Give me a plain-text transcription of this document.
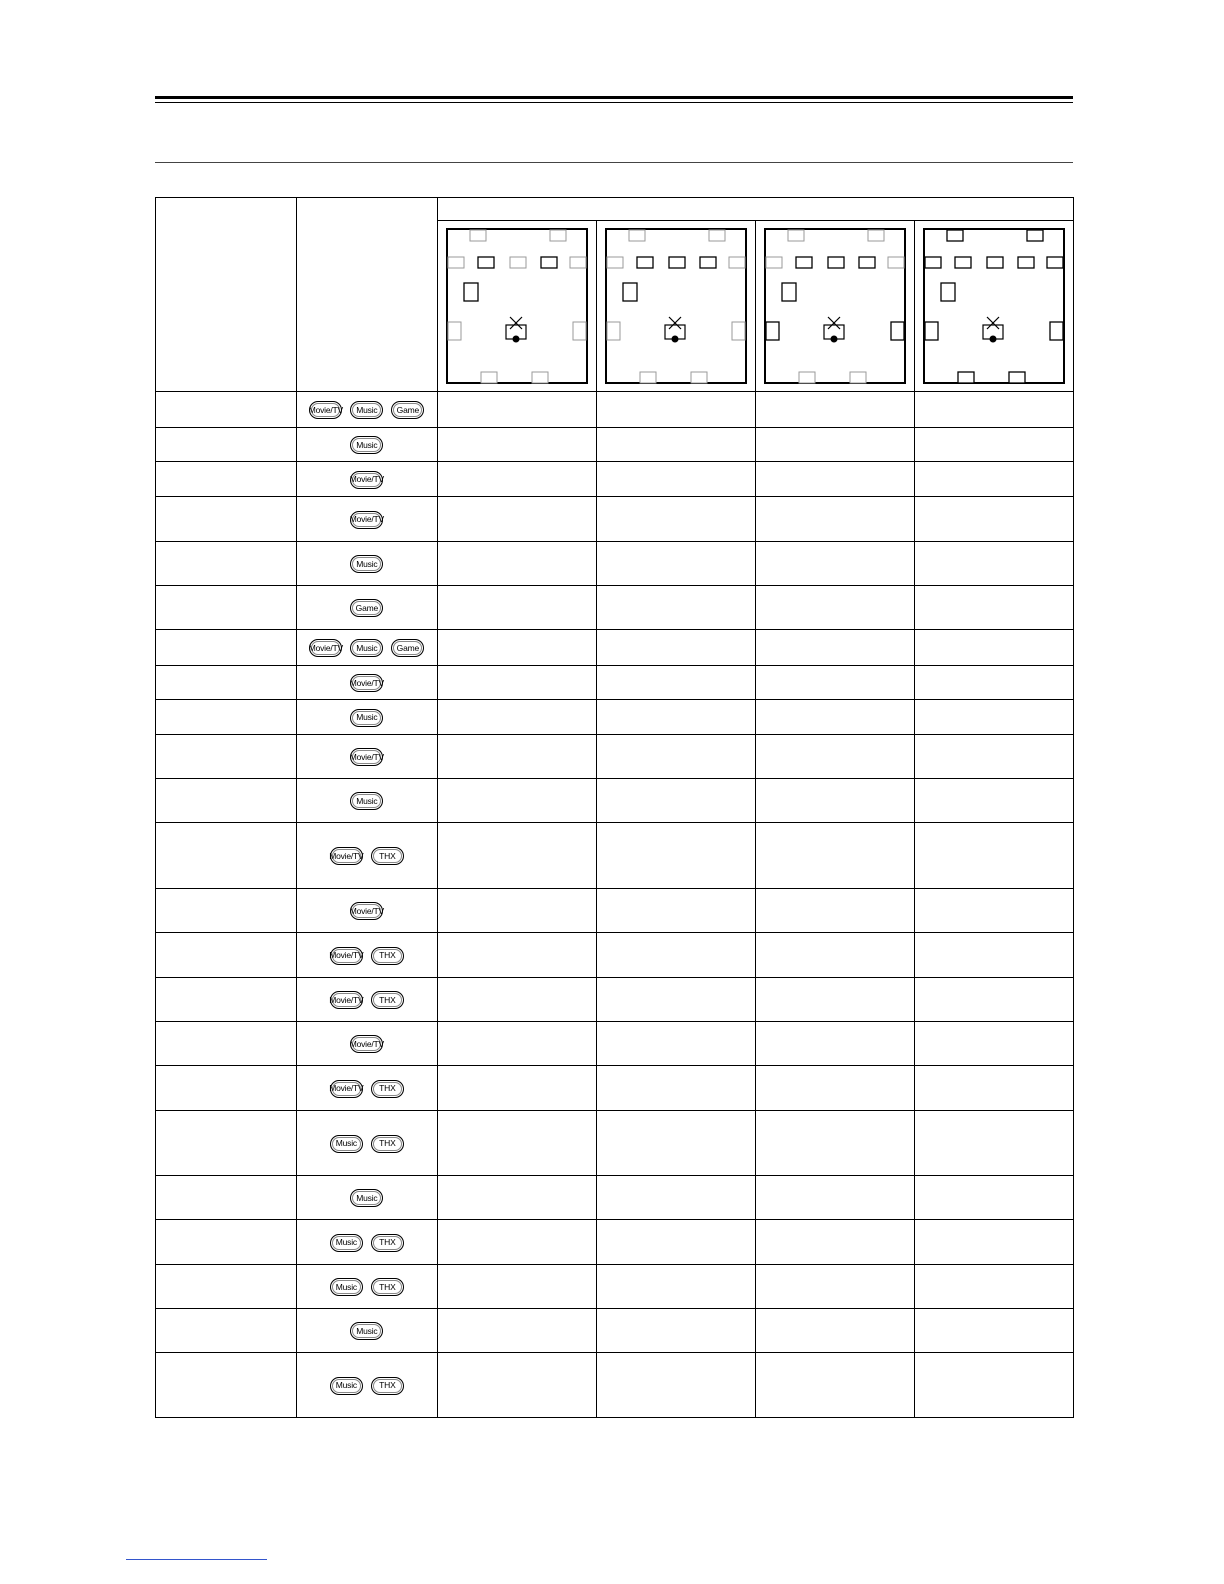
Movie/TV Music Game				

Music				

Movie/TV				

Movie/TV				

Music				

Game				

Movie/TV Music Game				

Movie/TV				

Music				

Movie/TV				

Music				

Movie/TV THX				

Movie/TV				

Movie/TV THX				

Movie/TV THX				

Movie/TV				

Movie/TV THX				

Music THX				

Music				

Music THX				

Music THX				

Music				

Music THX				
